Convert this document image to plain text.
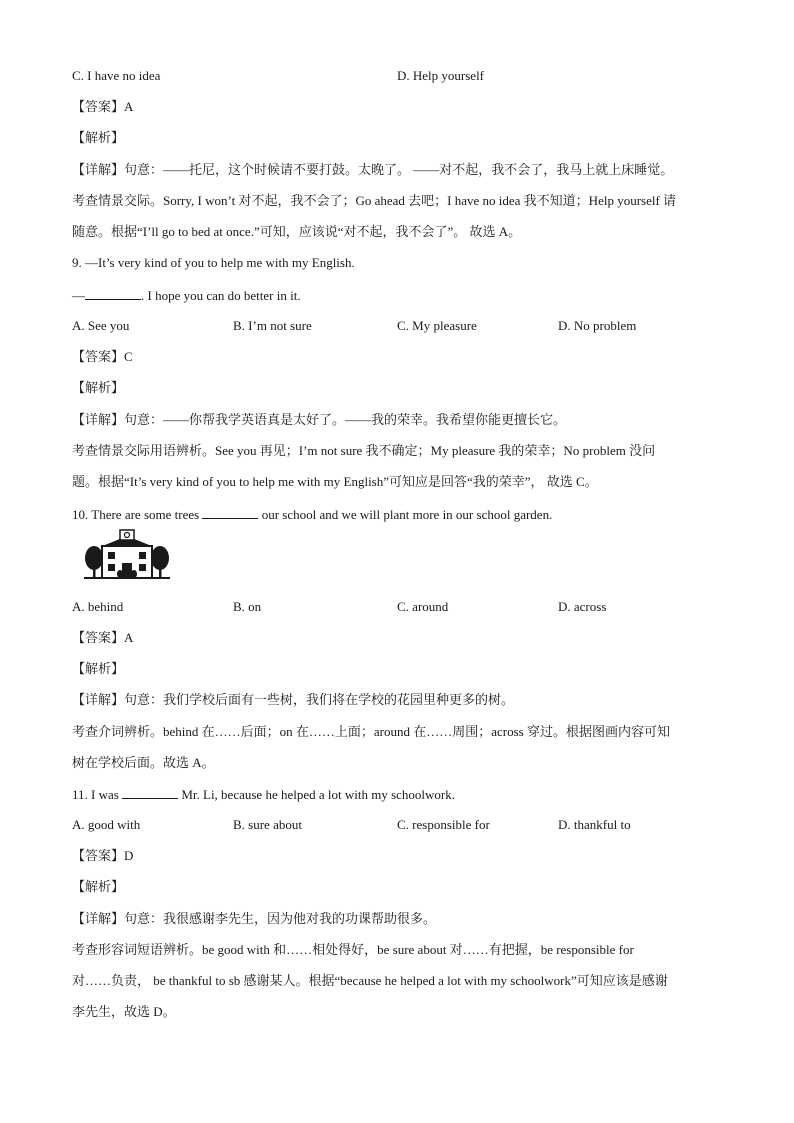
C. I have no idea	D. Help yourself
【答案】A
【解析】
【详解】句意：——托尼，这个时候请不要打鼓。太晚了。 ——对不起，我不会了，我马上就上床睡觉。
考查情景交际。Sorry, I won’t 对不起，我不会了；Go ahead 去吧；I have no idea 我不知道；Help yourself 请
随意。根据“I’ll go to bed at once.”可知，应该说“对不起，我不会了”。 故选 A。
9. —It’s very kind of you to help me with my English.
—	. I hope you can do better in it.
A. See you	B. I’m not sure	C. My pleasure	D. No problem
【答案】C
【解析】
【详解】句意：——你帮我学英语真是太好了。——我的荣幸。我希望你能更擅长它。
考查情景交际用语辨析。See you 再见；I’m not sure 我不确定；My pleasure 我的荣幸；No problem 没问
题。根据“It’s very kind of you to help me with my English”可知应是回答“我的荣幸”， 故选 C。
10. There are some trees	our school and we will plant more in our school garden.
A. behind	B. on	C. around	D. across
【答案】A
【解析】
【详解】句意：我们学校后面有一些树，我们将在学校的花园里种更多的树。
考查介词辨析。behind 在……后面；on 在……上面；around 在……周围；across 穿过。根据图画内容可知
树在学校后面。故选 A。
11. I was	Mr. Li, because he helped a lot with my schoolwork.
A. good with	B. sure about	C. responsible for	D. thankful to
【答案】D
【解析】
【详解】句意：我很感谢李先生，因为他对我的功课帮助很多。
考查形容词短语辨析。be good with 和……相处得好，be sure about 对……有把握，be responsible for
对……负责， be thankful to sb 感谢某人。根据“because he helped a lot with my schoolwork”可知应该是感谢
李先生，故选 D。
